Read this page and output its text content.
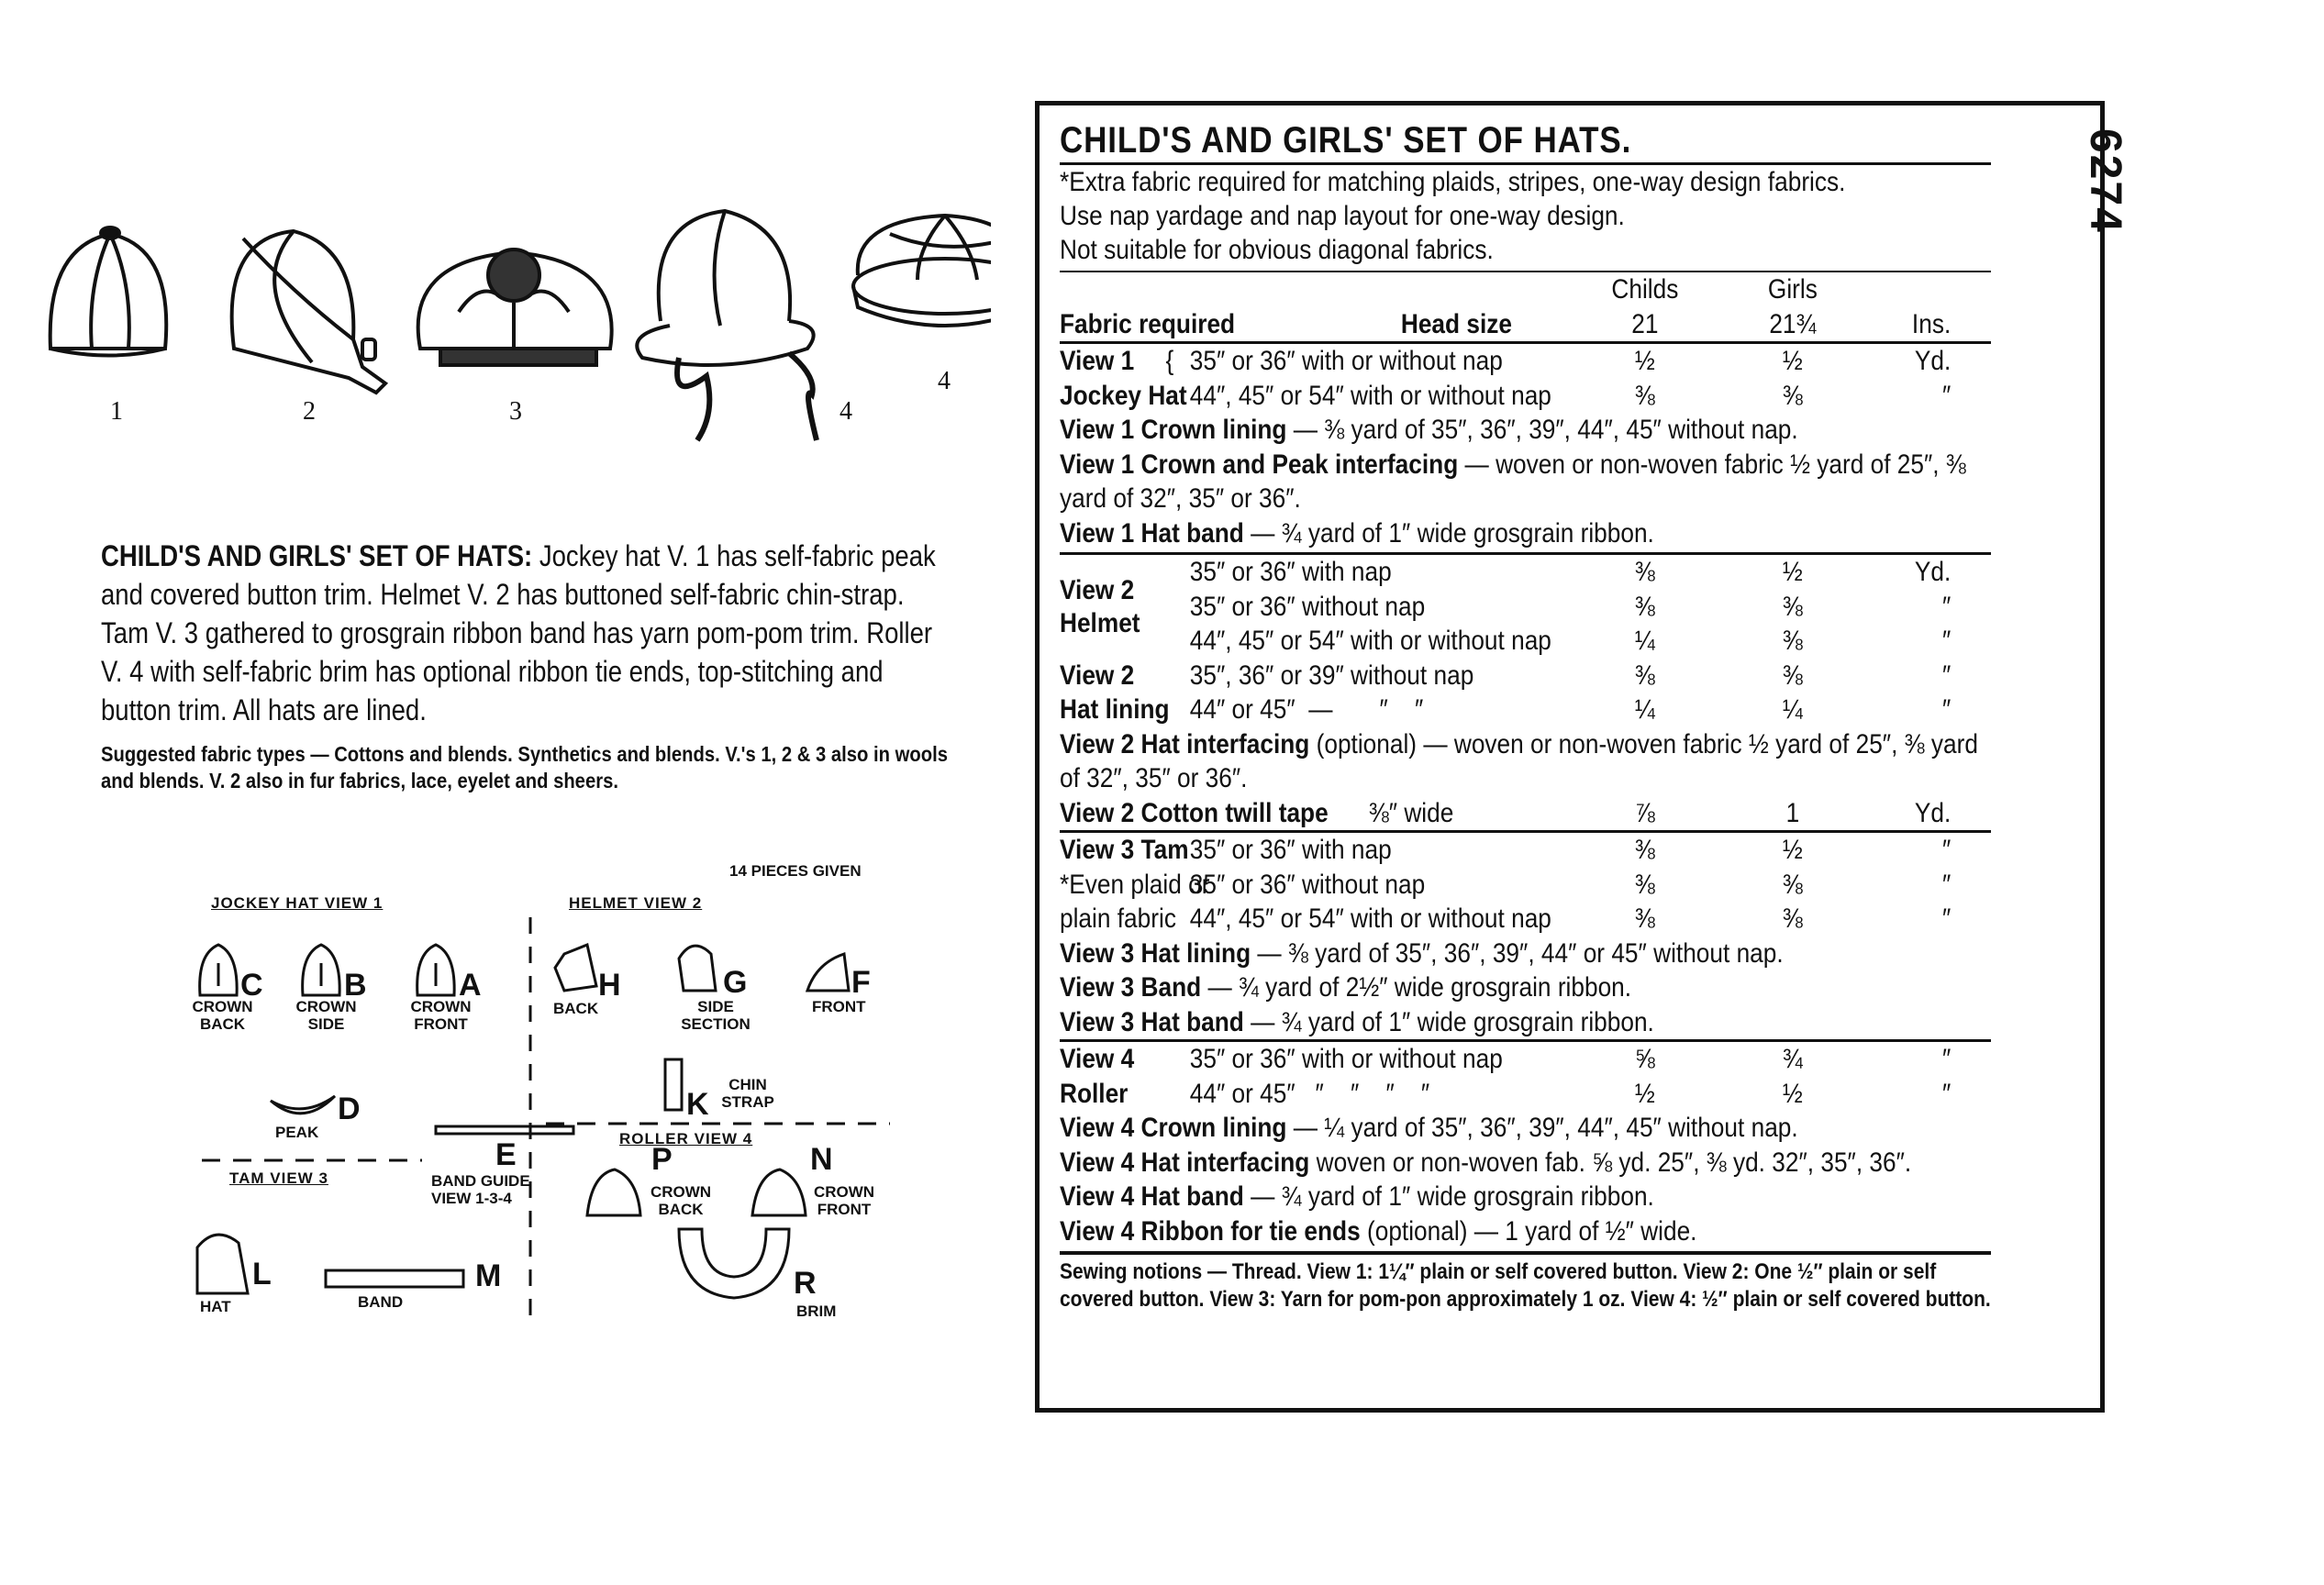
1	2	3	4
4
CHILD'S AND GIRLS' SET OF HATS: Jockey hat V. 1 has self-fabric peak and covered button trim. Helmet V. 2 has buttoned self-fabric chin-strap. Tam V. 3 gathered to grosgrain ribbon band has yarn pom-pom trim. Roller V. 4 with self-fabric brim has optional ribbon tie ends, top-stitching and button trim. All hats are lined.
Suggested fabric types — Cottons and blends. Synthetics and blends. V.'s 1, 2 & 3 also in wools and blends. V. 2 also in fur fabrics, lace, eyelet and sheers.
14 PIECES GIVEN
JOCKEY HAT VIEW 1	HELMET VIEW 2
TAM VIEW 3
ROLLER VIEW 4
C
CROWN BACK
B
CROWN SIDE
A
CROWN FRONT
H
BACK
G
SIDE SECTION
F
FRONT
D
PEAK
K
CHIN STRAP
E
BAND GUIDE VIEW 1-3-4
P
CROWN BACK
N
CROWN FRONT
L
HAT
M
BAND
R
BRIM
6274
CHILD'S AND GIRLS' SET OF HATS.
*Extra fabric required for matching plaids, stripes, one-way design fabrics.
Use nap yardage and nap layout for one-way design.
Not suitable for obvious diagonal fabrics.
Childs	Girls
Fabric required	Head size	21	21¾	Ins.
View 1 { 35″ or 36″ with or without nap	½	½	Yd.
Jockey Hat 44″, 45″ or 54″ with or without nap	⅜	⅜	″
View 1 Crown lining — ⅜ yard of 35″, 36″, 39″, 44″, 45″ without nap.
View 1 Crown and Peak interfacing — woven or non-woven fabric ½ yard of 25″, ⅜ yard of 32″, 35″ or 36″.
View 1 Hat band — ¾ yard of 1″ wide grosgrain ribbon.
35″ or 36″ with nap	⅜	½	Yd.
View 2
Helmet
35″ or 36″ without nap	⅜	⅜	″
44″, 45″ or 54″ with or without nap	¼	⅜	″
View 2 35″, 36″ or 39″ without nap	⅜	⅜	″
Hat lining 44″ or 45″  —       ″    ″	¼	¼	″
View 2 Hat interfacing (optional) — woven or non-woven fabric ½ yard of 25″, ⅜ yard of 32″, 35″ or 36″.
View 2 Cotton twill tape ⅜″ wide	⅞	1	Yd.
View 3 Tam 35″ or 36″ with nap	⅜	½	″
*Even plaid or
35″ or 36″ without nap	⅜	⅜	″
plain fabric 44″, 45″ or 54″ with or without nap	⅜	⅜	″
View 3 Hat lining — ⅜ yard of 35″, 36″, 39″, 44″ or 45″ without nap.
View 3 Band — ¾ yard of 2½″ wide grosgrain ribbon.
View 3 Hat band — ¾ yard of 1″ wide grosgrain ribbon.
View 4 35″ or 36″ with or without nap	⅝	¾	″
Roller 44″ or 45″   ″    ″    ″    ″	½	½	″
View 4 Crown lining — ¼ yard of 35″, 36″, 39″, 44″, 45″ without nap.
View 4 Hat interfacing woven or non-woven fab. ⅝ yd. 25″, ⅜ yd. 32″, 35″, 36″.
View 4 Hat band — ¾ yard of 1″ wide grosgrain ribbon.
View 4 Ribbon for tie ends (optional) — 1 yard of ½″ wide.
Sewing notions — Thread. View 1: 1¼″ plain or self covered button. View 2: One ½″ plain or self covered button. View 3: Yarn for pom-pon approximately 1 oz. View 4: ½″ plain or self covered button.
